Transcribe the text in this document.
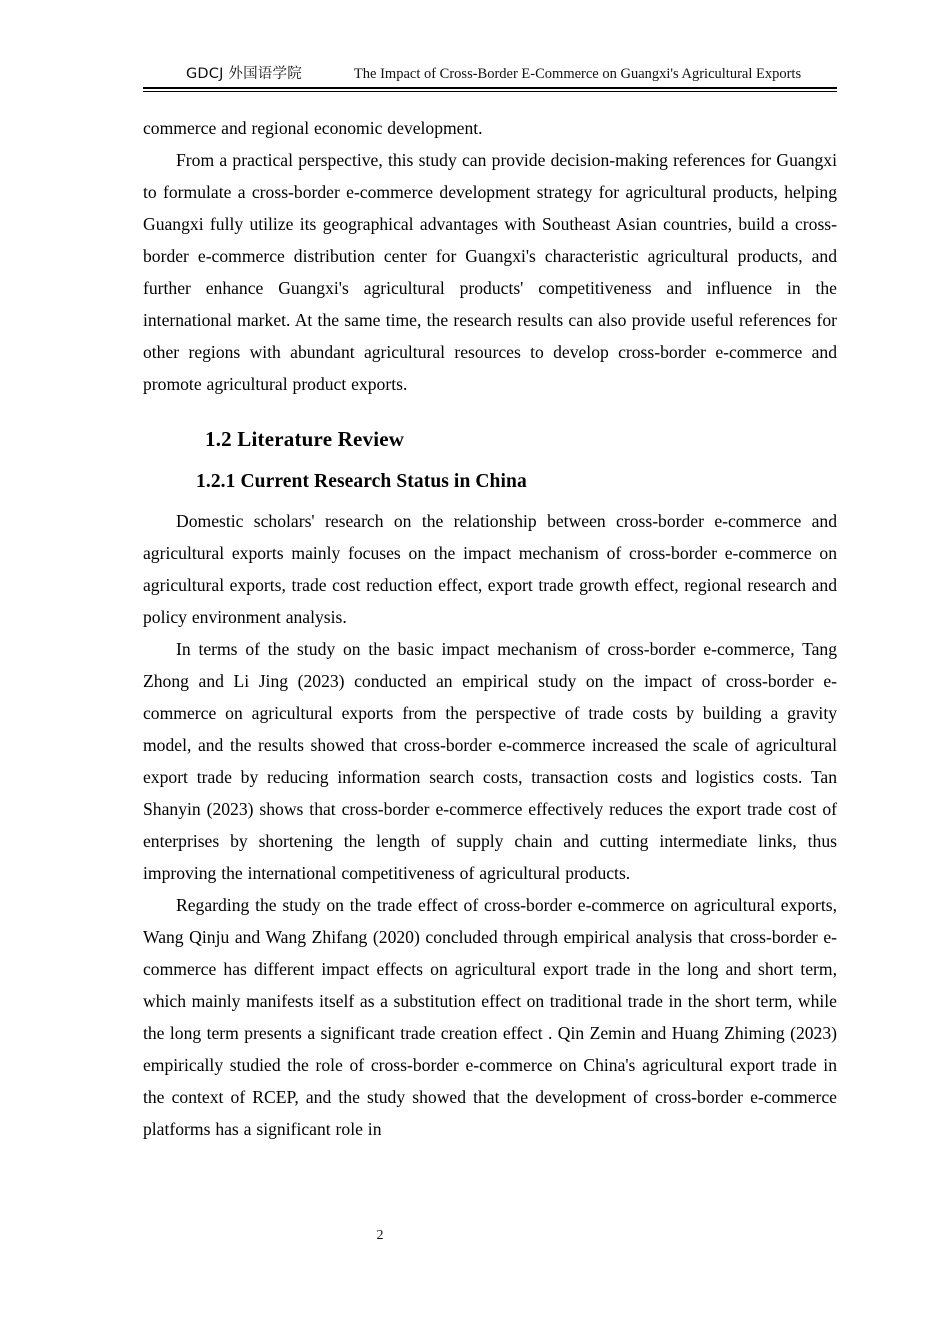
GDCJ 外国语学院	The Impact of Cross-Border E-Commerce on Guangxi's Agricultural Exports

commerce and regional economic development.

From a practical perspective, this study can provide decision-making references for Guangxi to formulate a cross-border e-commerce development strategy for agricultural products, helping Guangxi fully utilize its geographical advantages with Southeast Asian countries, build a cross-border e-commerce distribution center for Guangxi's characteristic agricultural products, and further enhance Guangxi's agricultural products' competitiveness and influence in the international market. At the same time, the research results can also provide useful references for other regions with abundant agricultural resources to develop cross-border e-commerce and promote agricultural product exports.

1.2 Literature Review
1.2.1 Current Research Status in China

Domestic scholars' research on the relationship between cross-border e-commerce and agricultural exports mainly focuses on the impact mechanism of cross-border e-commerce on agricultural exports, trade cost reduction effect, export trade growth effect, regional research and policy environment analysis.

In terms of the study on the basic impact mechanism of cross-border e-commerce, Tang Zhong and Li Jing (2023) conducted an empirical study on the impact of cross-border e-commerce on agricultural exports from the perspective of trade costs by building a gravity model, and the results showed that cross-border e-commerce increased the scale of agricultural export trade by reducing information search costs, transaction costs and logistics costs. Tan Shanyin (2023) shows that cross-border e-commerce effectively reduces the export trade cost of enterprises by shortening the length of supply chain and cutting intermediate links, thus improving the international competitiveness of agricultural products.

Regarding the study on the trade effect of cross-border e-commerce on agricultural exports, Wang Qinju and Wang Zhifang (2020) concluded through empirical analysis that cross-border e-commerce has different impact effects on agricultural export trade in the long and short term, which mainly manifests itself as a substitution effect on traditional trade in the short term, while the long term presents a significant trade creation effect . Qin Zemin and Huang Zhiming (2023) empirically studied the role of cross-border e-commerce on China's agricultural export trade in the context of RCEP, and the study showed that the development of cross-border e-commerce platforms has a significant role in

2
